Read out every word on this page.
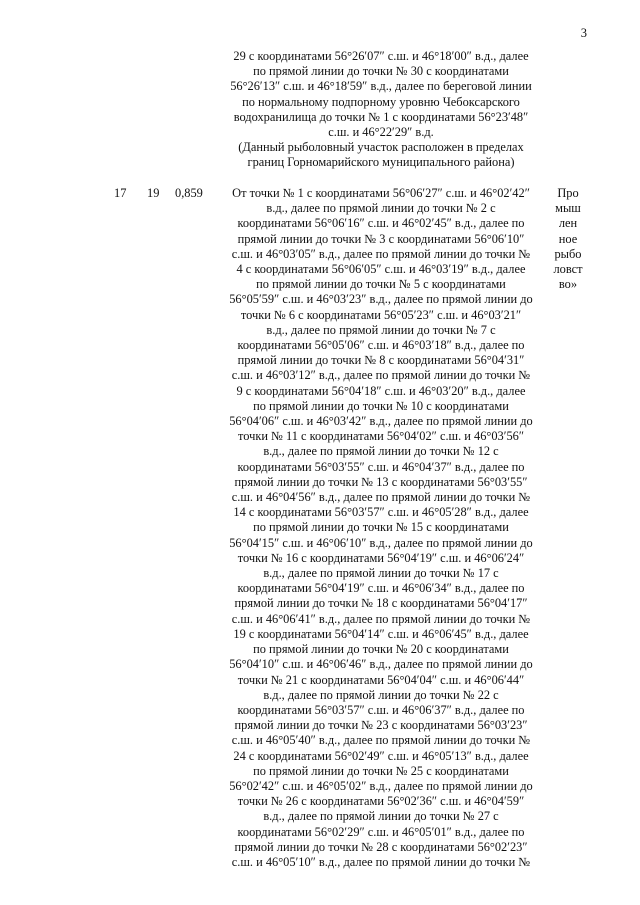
3
29 с координатами 56°26′07″ с.ш. и 46°18′00″ в.д., далее
по прямой линии до точки № 30 с координатами
56°26′13″ с.ш. и 46°18′59″ в.д., далее по береговой линии
по нормальному подпорному уровню Чебоксарского
водохранилища до точки № 1 с координатами 56°23′48″
с.ш. и 46°22′29″ в.д.
(Данный рыболовный участок расположен в пределах
границ Горномарийского муниципального района)
17 19 0,859	От точки № 1 с координатами 56°06′27″ с.ш. и 46°02′42″
в.д., далее по прямой линии до точки № 2 с
координатами 56°06′16″ с.ш. и 46°02′45″ в.д., далее по
прямой линии до точки № 3 с координатами 56°06′10″
с.ш. и 46°03′05″ в.д., далее по прямой линии до точки №
4 с координатами 56°06′05″ с.ш. и 46°03′19″ в.д., далее
по прямой линии до точки № 5 с координатами
56°05′59″ с.ш. и 46°03′23″ в.д., далее по прямой линии до
точки № 6 с координатами 56°05′23″ с.ш. и 46°03′21″
в.д., далее по прямой линии до точки № 7 с
координатами 56°05′06″ с.ш. и 46°03′18″ в.д., далее по
прямой линии до точки № 8 с координатами 56°04′31″
с.ш. и 46°03′12″ в.д., далее по прямой линии до точки №
9 с координатами 56°04′18″ с.ш. и 46°03′20″ в.д., далее
по прямой линии до точки № 10 с координатами
56°04′06″ с.ш. и 46°03′42″ в.д., далее по прямой линии до
точки № 11 с координатами 56°04′02″ с.ш. и 46°03′56″
в.д., далее по прямой линии до точки № 12 с
координатами 56°03′55″ с.ш. и 46°04′37″ в.д., далее по
прямой линии до точки № 13 с координатами 56°03′55″
с.ш. и 46°04′56″ в.д., далее по прямой линии до точки №
14 с координатами 56°03′57″ с.ш. и 46°05′28″ в.д., далее
по прямой линии до точки № 15 с координатами
56°04′15″ с.ш. и 46°06′10″ в.д., далее по прямой линии до
точки № 16 с координатами 56°04′19″ с.ш. и 46°06′24″
в.д., далее по прямой линии до точки № 17 с
координатами 56°04′19″ с.ш. и 46°06′34″ в.д., далее по
прямой линии до точки № 18 с координатами 56°04′17″
с.ш. и 46°06′41″ в.д., далее по прямой линии до точки №
19 с координатами 56°04′14″ с.ш. и 46°06′45″ в.д., далее
по прямой линии до точки № 20 с координатами
56°04′10″ с.ш. и 46°06′46″ в.д., далее по прямой линии до
точки № 21 с координатами 56°04′04″ с.ш. и 46°06′44″
в.д., далее по прямой линии до точки № 22 с
координатами 56°03′57″ с.ш. и 46°06′37″ в.д., далее по
прямой линии до точки № 23 с координатами 56°03′23″
с.ш. и 46°05′40″ в.д., далее по прямой линии до точки №
24 с координатами 56°02′49″ с.ш. и 46°05′13″ в.д., далее
по прямой линии до точки № 25 с координатами
56°02′42″ с.ш. и 46°05′02″ в.д., далее по прямой линии до
точки № 26 с координатами 56°02′36″ с.ш. и 46°04′59″
в.д., далее по прямой линии до точки № 27 с
координатами 56°02′29″ с.ш. и 46°05′01″ в.д., далее по
прямой линии до точки № 28 с координатами 56°02′23″
с.ш. и 46°05′10″ в.д., далее по прямой линии до точки №
Про
мыш
лен
ное
рыбо
ловст
во»
